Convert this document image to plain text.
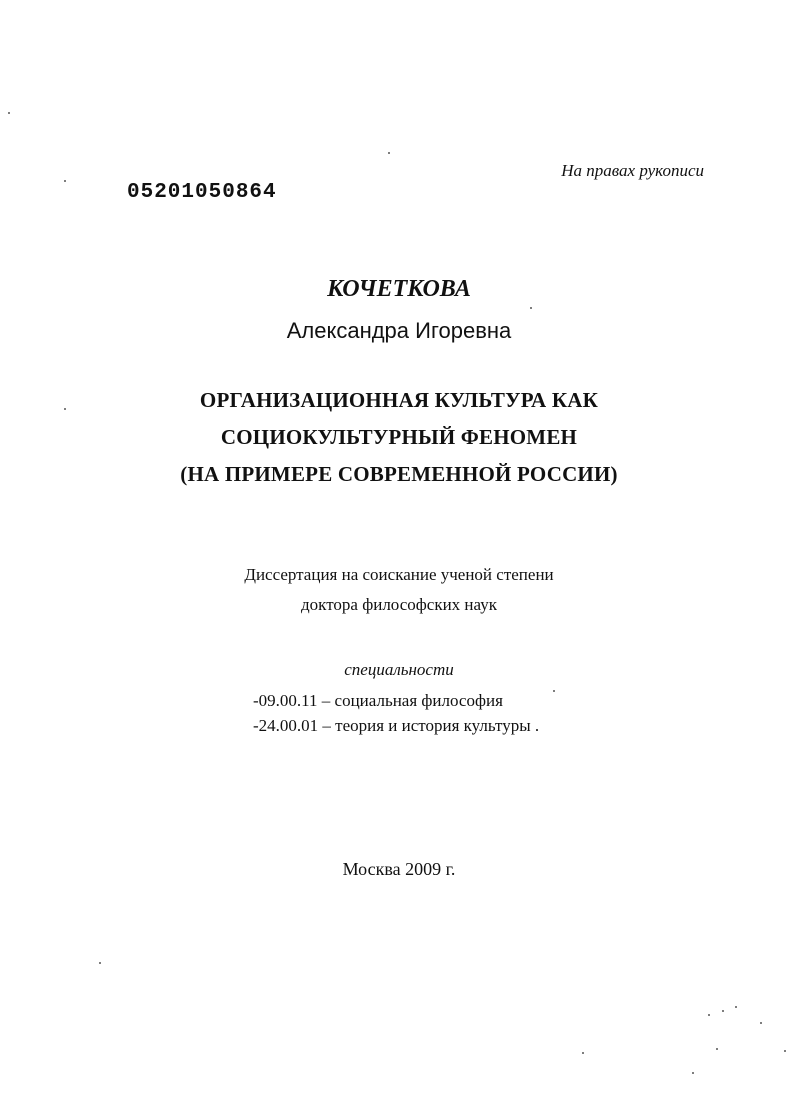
На правах рукописи
05201050864
КОЧЕТКОВА
Александра Игоревна
ОРГАНИЗАЦИОННАЯ КУЛЬТУРА КАК
СОЦИОКУЛЬТУРНЫЙ ФЕНОМЕН
(НА ПРИМЕРЕ СОВРЕМЕННОЙ РОССИИ)
Диссертация на соискание ученой степени
доктора философских наук
специальности
-09.00.11 – социальная философия
-24.00.01 – теория и история культуры .
Москва 2009 г.
